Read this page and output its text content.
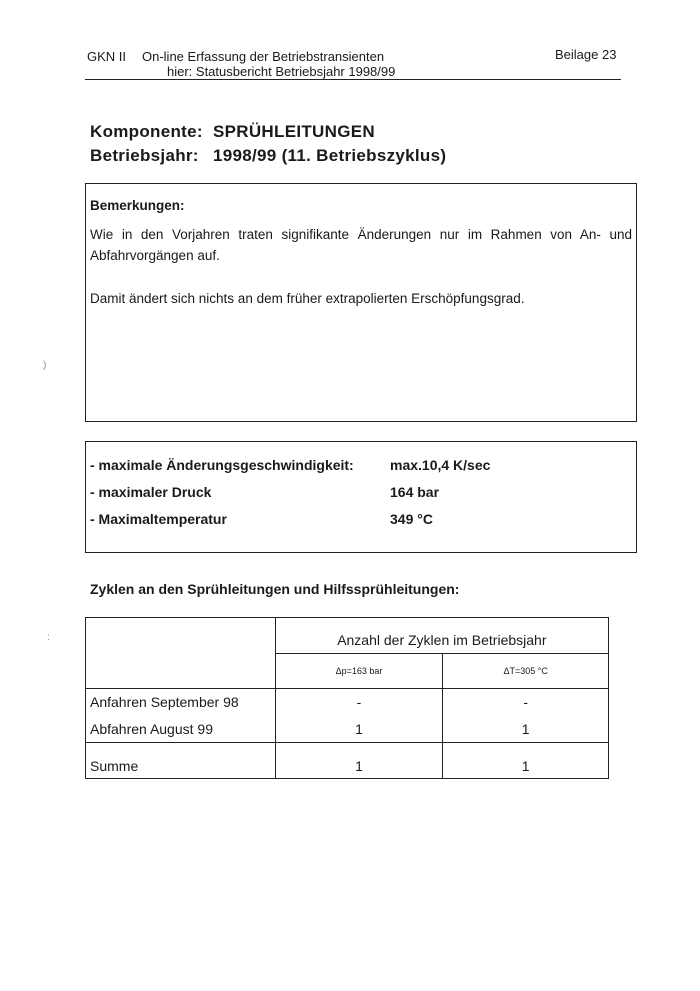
GKN II On-line Erfassung der Betriebstransienten
hier: Statusbericht Betriebsjahr 1998/99
Beilage 23
Komponente: SPRÜHLEITUNGEN
Betriebsjahr: 1998/99 (11. Betriebszyklus)
Bemerkungen:
Wie in den Vorjahren traten signifikante Änderungen nur im Rahmen von An- und
Abfahrvorgängen auf.
Damit ändert sich nichts an dem früher extrapolierten Erschöpfungsgrad.
)
:
- maximale Änderungsgeschwindigkeit:	max.10,4 K/sec
- maximaler Druck	164 bar
- Maximaltemperatur	349 °C
Zyklen an den Sprühleitungen und Hilfssprühleitungen:
	Anzahl der Zyklen im Betriebsjahr	
	Δp=163 bar	ΔT=305 °C
Anfahren September 98	-	-
Abfahren August 99	1	1

Summe	1	1
